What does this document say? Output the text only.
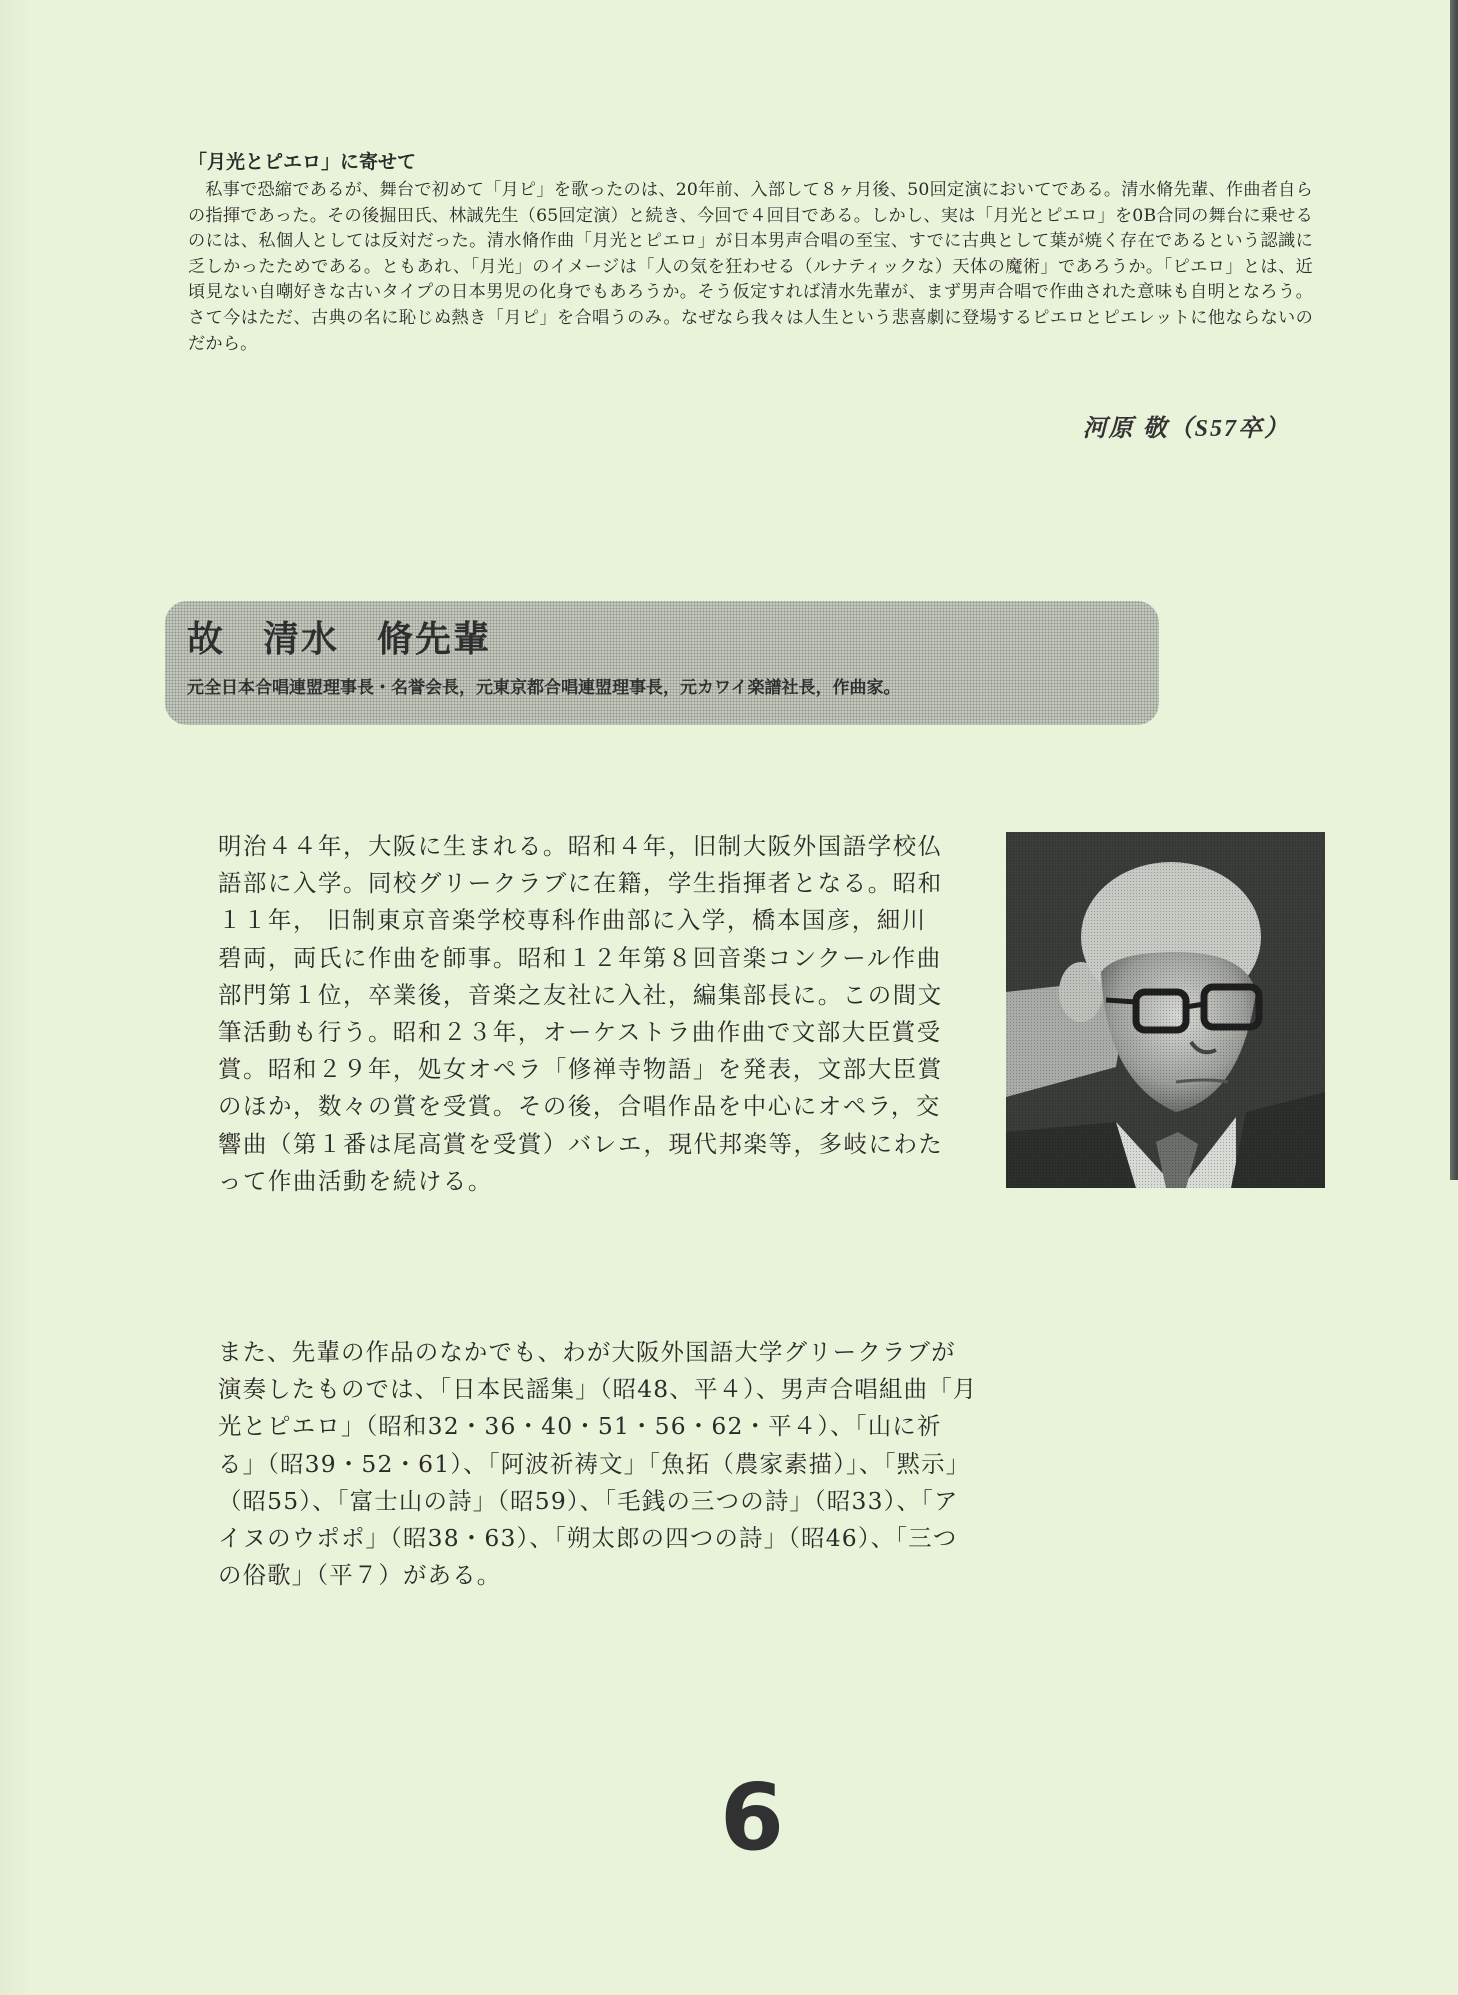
「月光とピエロ」に寄せて

私事で恐縮であるが、舞台で初めて「月ピ」を歌ったのは、20年前、入部して８ヶ月後、50回定演においてである。清水脩先輩、作曲者自らの指揮であった。その後掘田氏、林誠先生（65回定演）と続き、今回で４回目である。しかし、実は「月光とピエロ」を0B合同の舞台に乗せるのには、私個人としては反対だった。清水脩作曲「月光とピエロ」が日本男声合唱の至宝、すでに古典として葉が焼く存在であるという認識に乏しかったためである。ともあれ、「月光」のイメージは「人の気を狂わせる（ルナティックな）天体の魔術」であろうか。「ピエロ」とは、近頃見ない自嘲好きな古いタイプの日本男児の化身でもあろうか。そう仮定すれば清水先輩が、まず男声合唱で作曲された意味も自明となろう。さて今はただ、古典の名に恥じぬ熱き「月ピ」を合唱うのみ。なぜなら我々は人生という悲喜劇に登場するピエロとピエレットに他ならないのだから。

河原 敬（S57卒）
故　清水　脩先輩
元全日本合唱連盟理事長・名誉会長，元東京都合唱連盟理事長，元カワイ楽譜社長，作曲家。

明治４４年，大阪に生まれる。昭和４年，旧制大阪外国語学校仏語部に入学。同校グリークラブに在籍，学生指揮者となる。昭和１１年， 旧制東京音楽学校専科作曲部に入学，橋本国彦，細川碧両，両氏に作曲を師事。昭和１２年第８回音楽コンクール作曲部門第１位，卒業後，音楽之友社に入社，編集部長に。この間文筆活動も行う。昭和２３年，オーケストラ曲作曲で文部大臣賞受賞。昭和２９年，処女オペラ「修禅寺物語」を発表，文部大臣賞のほか，数々の賞を受賞。その後，合唱作品を中心にオペラ，交響曲（第１番は尾高賞を受賞）バレエ，現代邦楽等，多岐にわたって作曲活動を続ける。

また、先輩の作品のなかでも、わが大阪外国語大学グリークラブが演奏したものでは、「日本民謡集」（昭48、平４）、男声合唱組曲「月光とピエロ」（昭和32・36・40・51・56・62・平４）、「山に祈る」（昭39・52・61）、「阿波祈祷文」「魚拓（農家素描）」、「黙示」（昭55）、「富士山の詩」（昭59）、「毛銭の三つの詩」（昭33）、「アイヌのウポポ」（昭38・63）、「朔太郎の四つの詩」（昭46）、「三つの俗歌」（平７）がある。

6
